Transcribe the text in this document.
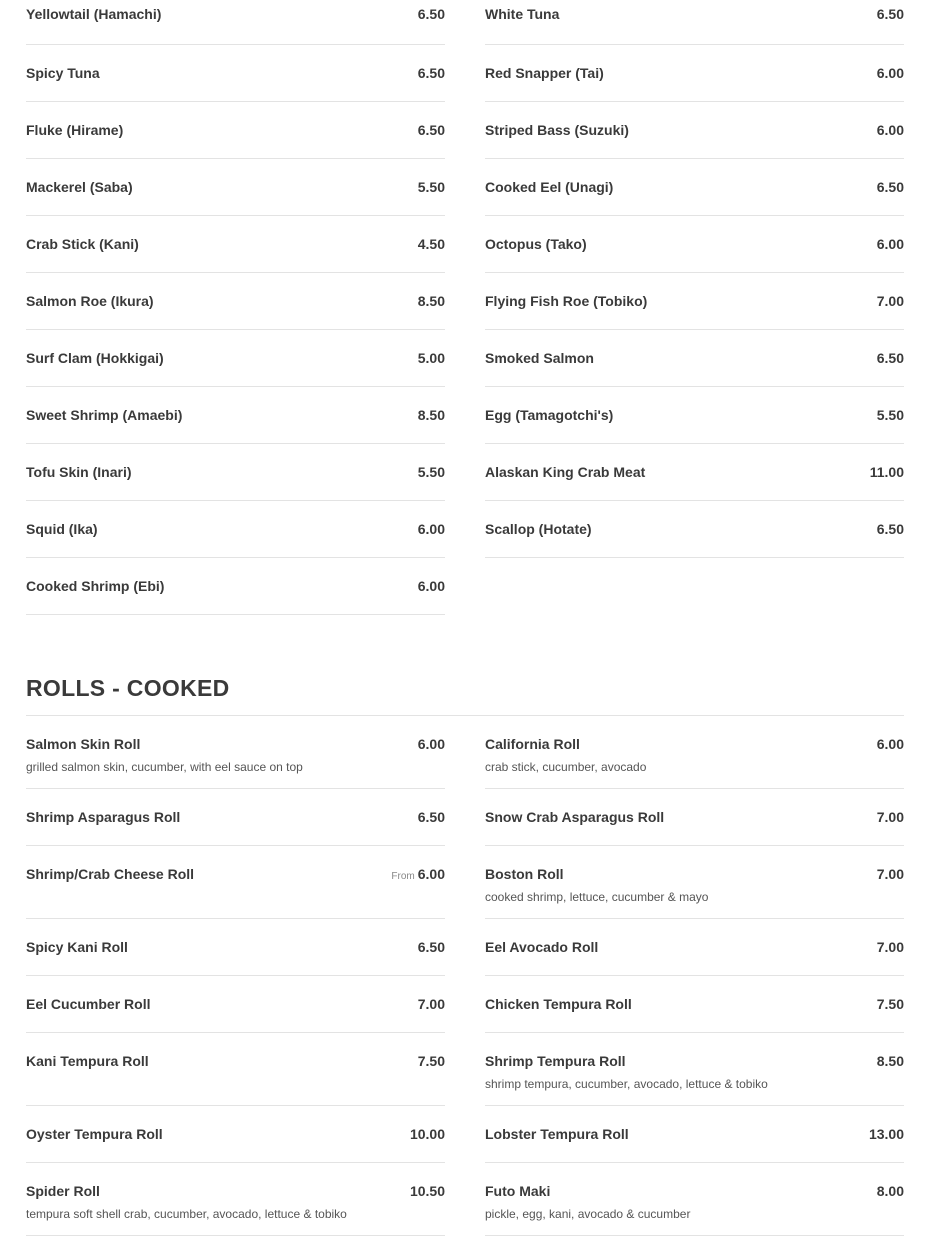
Yellowtail (Hamachi)	6.50
Spicy Tuna	6.50
Fluke (Hirame)	6.50
Mackerel (Saba)	5.50
Crab Stick (Kani)	4.50
Salmon Roe (Ikura)	8.50
Surf Clam (Hokkigai)	5.00
Sweet Shrimp (Amaebi)	8.50
Tofu Skin (Inari)	5.50
Squid (Ika)	6.00
Cooked Shrimp (Ebi)	6.00
White Tuna	6.50
Red Snapper (Tai)	6.00
Striped Bass (Suzuki)	6.00
Cooked Eel (Unagi)	6.50
Octopus (Tako)	6.00
Flying Fish Roe (Tobiko)	7.00
Smoked Salmon	6.50
Egg (Tamagotchi's)	5.50
Alaskan King Crab Meat	11.00
Scallop (Hotate)	6.50
ROLLS - COOKED
Salmon Skin Roll	6.00
grilled salmon skin, cucumber, with eel sauce on top
Shrimp Asparagus Roll	6.50
Shrimp/Crab Cheese Roll	From 6.00
Spicy Kani Roll	6.50
Eel Cucumber Roll	7.00
Kani Tempura Roll	7.50
Oyster Tempura Roll	10.00
Spider Roll	10.50
tempura soft shell crab, cucumber, avocado, lettuce & tobiko
California Roll	6.00
crab stick, cucumber, avocado
Snow Crab Asparagus Roll	7.00
Boston Roll	7.00
cooked shrimp, lettuce, cucumber & mayo
Eel Avocado Roll	7.00
Chicken Tempura Roll	7.50
Shrimp Tempura Roll	8.50
shrimp tempura, cucumber, avocado, lettuce & tobiko
Lobster Tempura Roll	13.00
Futo Maki	8.00
pickle, egg, kani, avocado & cucumber
